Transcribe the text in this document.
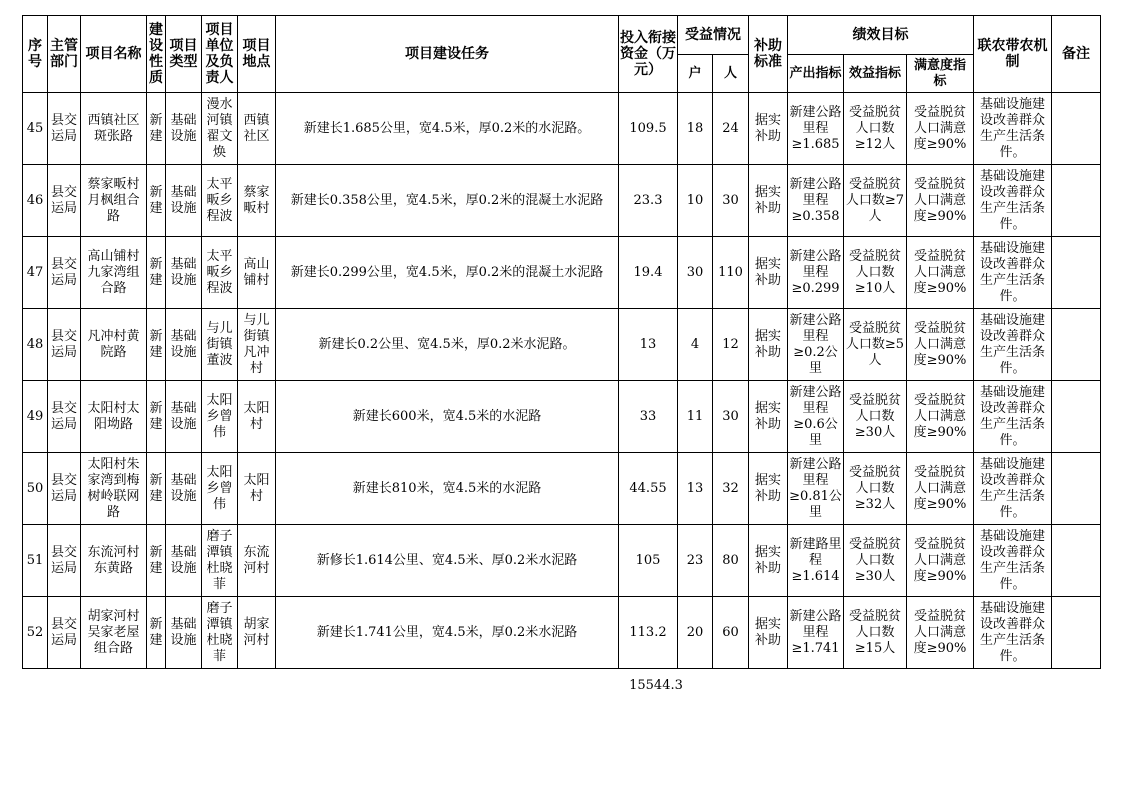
序号	主管部门	项目名称	建设性质	项目类型	项目单位及负责人	项目地点	项目建设任务	投入衔接资金（万元）	受益情况		补助标准	绩效目标			联农带农机制	备注
									户	人		产出指标	效益指标	满意度指标		
45	县交运局	西镇社区斑张路	新建	基础设施	漫水河镇翟文焕	西镇社区	新建长1.685公里，宽4.5米，厚0.2米的水泥路。	109.5	18	24	据实补助	新建公路里程≥1.685	受益脱贫人口数≥12人	受益脱贫人口满意度≥90%	基础设施建设改善群众生产生活条件。	
46	县交运局	蔡家畈村月枫组合路	新建	基础设施	太平畈乡程波	蔡家畈村	新建长0.358公里，宽4.5米，厚0.2米的混凝土水泥路	23.3	10	30	据实补助	新建公路里程≥0.358	受益脱贫人口数≥7人	受益脱贫人口满意度≥90%	基础设施建设改善群众生产生活条件。	
47	县交运局	高山铺村九家湾组合路	新建	基础设施	太平畈乡程波	高山铺村	新建长0.299公里，宽4.5米，厚0.2米的混凝土水泥路	19.4	30	110	据实补助	新建公路里程≥0.299	受益脱贫人口数≥10人	受益脱贫人口满意度≥90%	基础设施建设改善群众生产生活条件。	
48	县交运局	凡冲村黄院路	新建	基础设施	与儿街镇董波	与儿街镇凡冲村	新建长0.2公里、宽4.5米，厚0.2米水泥路。	13	4	12	据实补助	新建公路里程≥0.2公里	受益脱贫人口数≥5人	受益脱贫人口满意度≥90%	基础设施建设改善群众生产生活条件。	
49	县交运局	太阳村太阳坳路	新建	基础设施	太阳乡曾伟	太阳村	新建长600米，宽4.5米的水泥路	33	11	30	据实补助	新建公路里程≥0.6公里	受益脱贫人口数≥30人	受益脱贫人口满意度≥90%	基础设施建设改善群众生产生活条件。	
50	县交运局	太阳村朱家湾到梅树岭联网路	新建	基础设施	太阳乡曾伟	太阳村	新建长810米，宽4.5米的水泥路	44.55	13	32	据实补助	新建公路里程≥0.81公里	受益脱贫人口数≥32人	受益脱贫人口满意度≥90%	基础设施建设改善群众生产生活条件。	
51	县交运局	东流河村东黄路	新建	基础设施	磨子潭镇杜晓菲	东流河村	新修长1.614公里、宽4.5米、厚0.2米水泥路	105	23	80	据实补助	新建路里程≥1.614	受益脱贫人口数≥30人	受益脱贫人口满意度≥90%	基础设施建设改善群众生产生活条件。	
52	县交运局	胡家河村吴家老屋组合路	新建	基础设施	磨子潭镇杜晓菲	胡家河村	新建长1.741公里，宽4.5米，厚0.2米水泥路	113.2	20	60	据实补助	新建公路里程≥1.741	受益脱贫人口数≥15人	受益脱贫人口满意度≥90%	基础设施建设改善群众生产生活条件。	
15544.3
